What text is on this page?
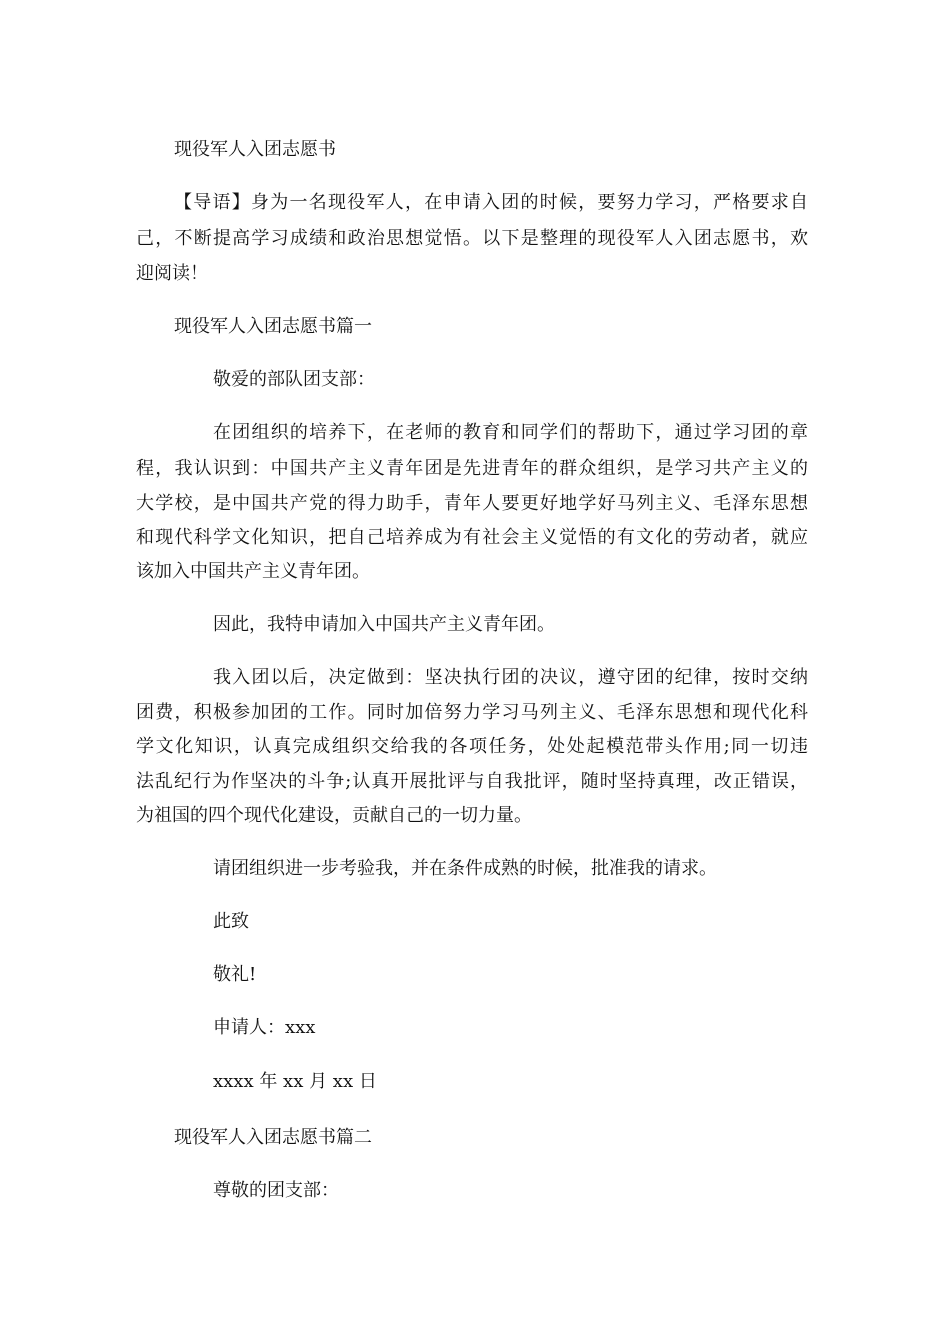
现役军人入团志愿书
【导语】身为一名现役军人，在申请入团的时候，要努力学习，严格要求自
己，不断提高学习成绩和政治思想觉悟。以下是整理的现役军人入团志愿书，欢
迎阅读！
现役军人入团志愿书篇一
敬爱的部队团支部：
在团组织的培养下，在老师的教育和同学们的帮助下，通过学习团的章
程，我认识到：中国共产主义青年团是先进青年的群众组织，是学习共产主义的
大学校，是中国共产党的得力助手，青年人要更好地学好马列主义、毛泽东思想
和现代科学文化知识，把自己培养成为有社会主义觉悟的有文化的劳动者，就应
该加入中国共产主义青年团。
因此，我特申请加入中国共产主义青年团。
我入团以后，决定做到：坚决执行团的决议，遵守团的纪律，按时交纳
团费，积极参加团的工作。同时加倍努力学习马列主义、毛泽东思想和现代化科
学文化知识，认真完成组织交给我的各项任务，处处起模范带头作用;同一切违
法乱纪行为作坚决的斗争;认真开展批评与自我批评，随时坚持真理，改正错误，
为祖国的四个现代化建设，贡献自己的一切力量。
请团组织进一步考验我，并在条件成熟的时候，批准我的请求。
此致
敬礼!
申请人：xxx
xxxx 年 xx 月 xx 日
现役军人入团志愿书篇二
尊敬的团支部：
